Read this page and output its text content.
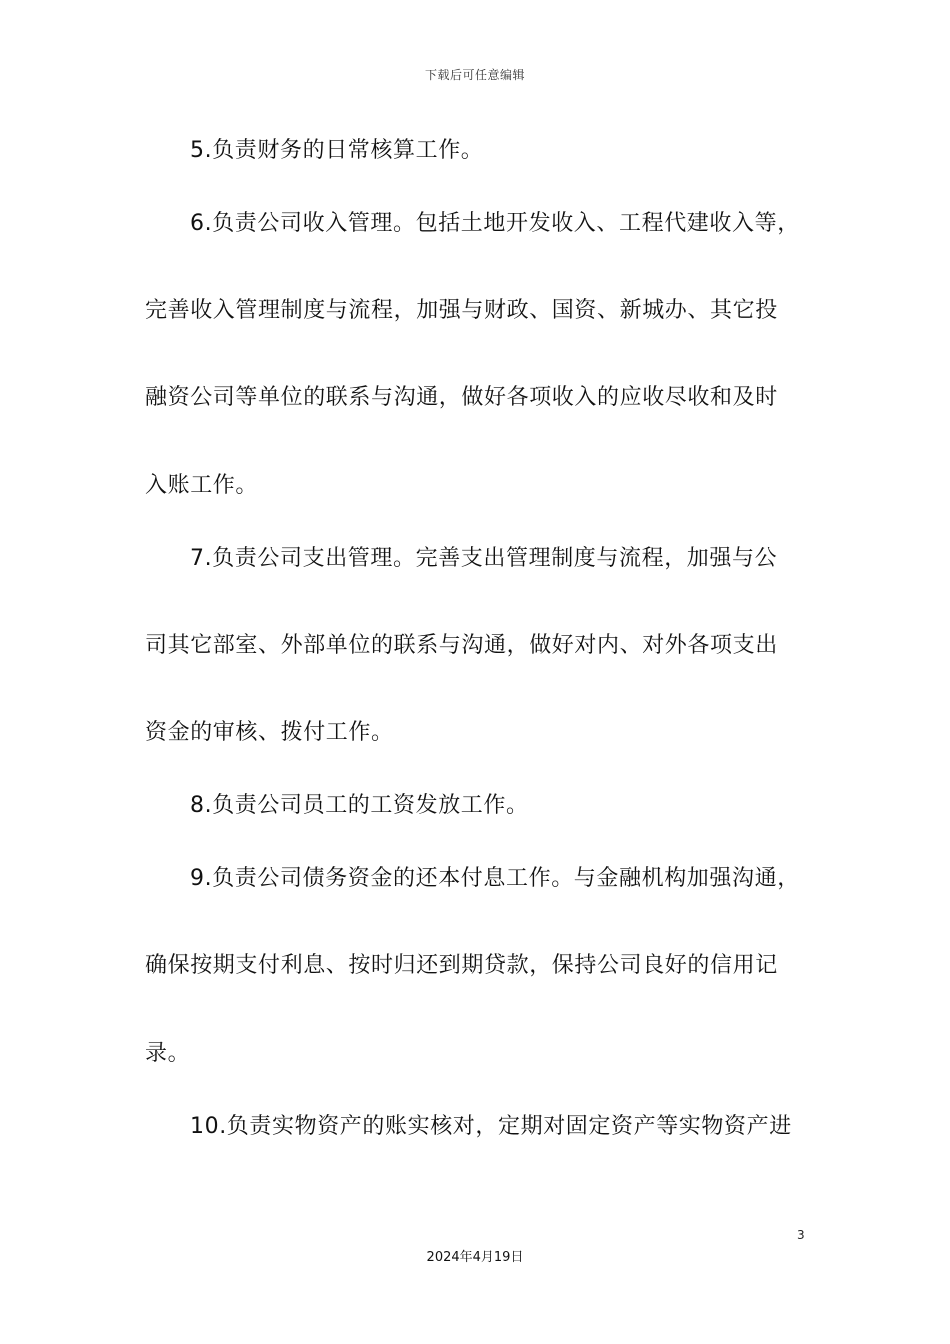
下载后可任意编辑
5.负责财务的日常核算工作。
6.负责公司收入管理。包括土地开发收入、工程代建收入等，
完善收入管理制度与流程，加强与财政、国资、新城办、其它投
融资公司等单位的联系与沟通，做好各项收入的应收尽收和及时
入账工作。
7.负责公司支出管理。完善支出管理制度与流程，加强与公
司其它部室、外部单位的联系与沟通，做好对内、对外各项支出
资金的审核、拨付工作。
8.负责公司员工的工资发放工作。
9.负责公司债务资金的还本付息工作。与金融机构加强沟通，
确保按期支付利息、按时归还到期贷款，保持公司良好的信用记
录。
10.负责实物资产的账实核对，定期对固定资产等实物资产进
3
2024年4月19日
